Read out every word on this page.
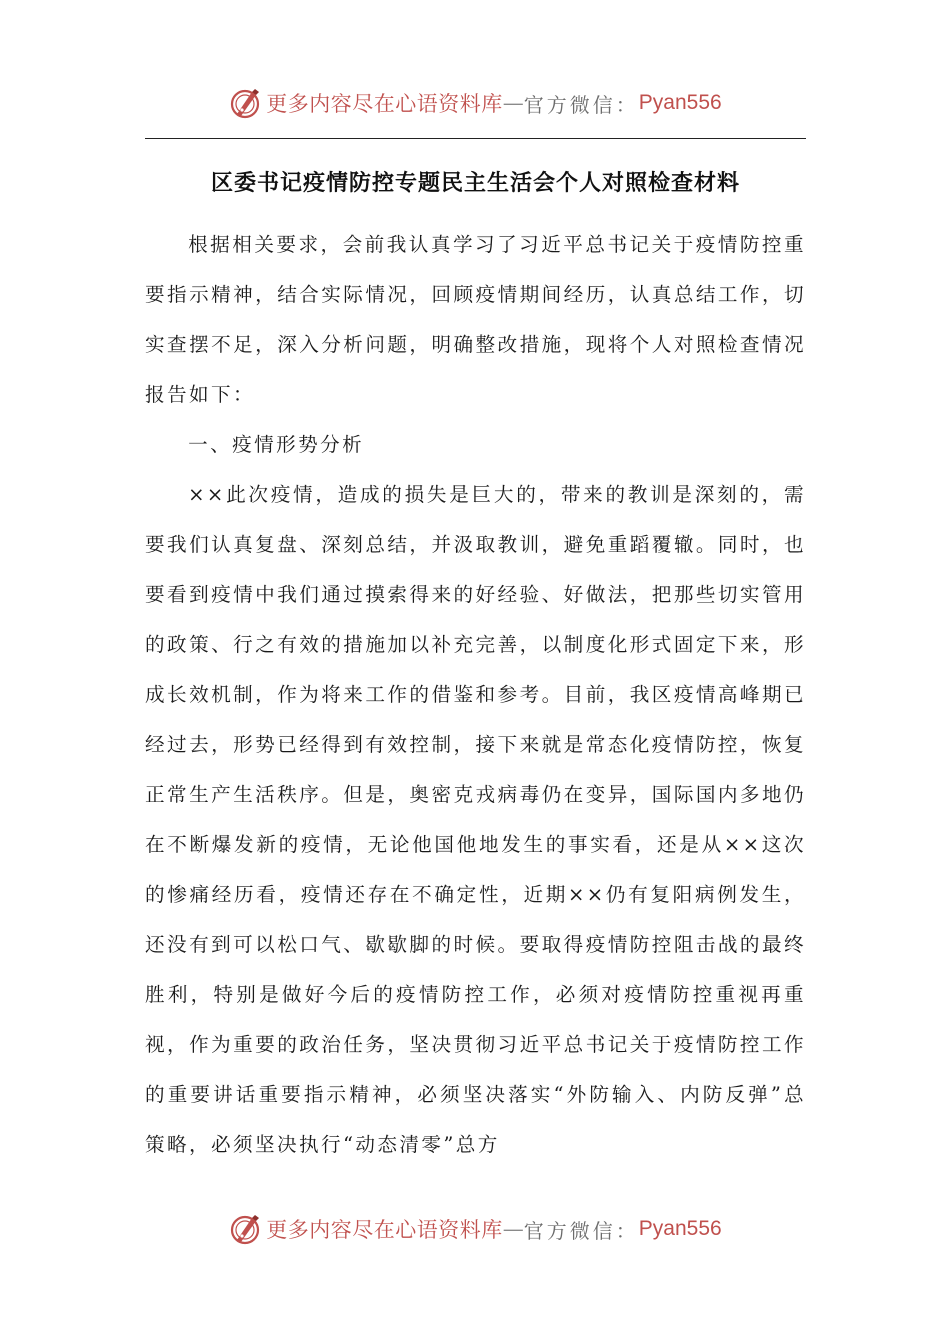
更多内容尽在心语资料库 — 官方微信： Pyan556
区委书记疫情防控专题民主生活会个人对照检查材料

根据相关要求，会前我认真学习了习近平总书记关于疫情防控重要指示精神，结合实际情况，回顾疫情期间经历，认真总结工作，切实查摆不足，深入分析问题，明确整改措施，现将个人对照检查情况报告如下：

一、疫情形势分析

××此次疫情，造成的损失是巨大的，带来的教训是深刻的，需要我们认真复盘、深刻总结，并汲取教训，避免重蹈覆辙。同时，也要看到疫情中我们通过摸索得来的好经验、好做法，把那些切实管用的政策、行之有效的措施加以补充完善，以制度化形式固定下来，形成长效机制，作为将来工作的借鉴和参考。目前，我区疫情高峰期已经过去，形势已经得到有效控制，接下来就是常态化疫情防控，恢复正常生产生活秩序。但是，奥密克戎病毒仍在变异，国际国内多地仍在不断爆发新的疫情，无论他国他地发生的事实看，还是从××这次的惨痛经历看，疫情还存在不确定性，近期××仍有复阳病例发生，还没有到可以松口气、歇歇脚的时候。要取得疫情防控阻击战的最终胜利，特别是做好今后的疫情防控工作，必须对疫情防控重视再重视，作为重要的政治任务，坚决贯彻习近平总书记关于疫情防控工作的重要讲话重要指示精神，必须坚决落实“外防输入、内防反弹”总策略，必须坚决执行“动态清零”总方

更多内容尽在心语资料库 — 官方微信： Pyan556
